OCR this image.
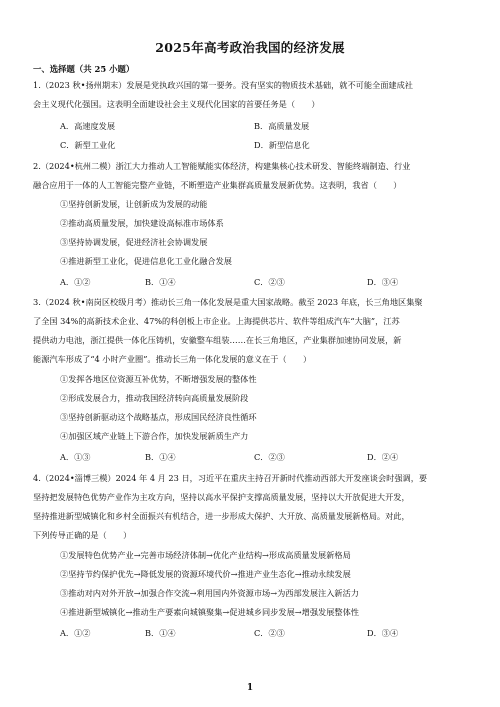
2025年高考政治我国的经济发展
一、选择题（共 25 小题）
1.（2023 秋•扬州期末）发展是党执政兴国的第一要务。没有坚实的物质技术基础，就不可能全面建成社
会主义现代化强国。这表明全面建设社会主义现代化国家的首要任务是（　　）
A．高速度发展	B．高质量发展
C．新型工业化	D．新型信息化
2.（2024•杭州二模）浙江大力推动人工智能赋能实体经济，构建集核心技术研发、智能终端制造、行业
融合应用于一体的人工智能完整产业链，不断塑造产业集群高质量发展新优势。这表明，我省（　　）
①坚持创新发展，让创新成为发展的动能
②推动高质量发展，加快建设高标准市场体系
③坚持协调发展，促进经济社会协调发展
④推进新型工业化，促进信息化工业化融合发展
A．①②	B．①④	C．②③	D．③④
3.（2024 秋•南岗区校级月考）推动长三角一体化发展是重大国家战略。截至 2023 年底，长三角地区集聚
了全国 34%的高新技术企业、47%的科创板上市企业。上海提供芯片、软件等组成汽车“大脑”，江苏
提供动力电池，浙江提供一体化压铸机，安徽整车组装……在长三角地区，产业集群加速协同发展，新
能源汽车形成了“4 小时产业圈”。推动长三角一体化发展的意义在于（　　）
①发挥各地区位资源互补优势，不断增强发展的整体性
②形成发展合力，推动我国经济转向高质量发展阶段
③坚持创新驱动这个战略基点，形成国民经济良性循环
④加强区域产业链上下游合作，加快发展新质生产力
A．①③	B．①④	C．②③	D．②④
4.（2024•淄博三模）2024 年 4 月 23 日，习近平在重庆主持召开新时代推动西部大开发座谈会时强调，要
坚持把发展特色优势产业作为主攻方向，坚持以高水平保护支撑高质量发展，坚持以大开放促进大开发，
坚持推进新型城镇化和乡村全面振兴有机结合，进一步形成大保护、大开放、高质量发展新格局。对此，
下列传导正确的是（　　）
①发展特色优势产业→完善市场经济体制→优化产业结构→形成高质量发展新格局
②坚持节约保护优先→降低发展的资源环境代价→推进产业生态化→推动永续发展
③推动对内对外开放→加强合作交流→利用国内外资源市场→为西部发展注入新活力
④推进新型城镇化→推动生产要素向城镇聚集→促进城乡同步发展→增强发展整体性
A．①②	B．①④	C．②③	D．③④
1
